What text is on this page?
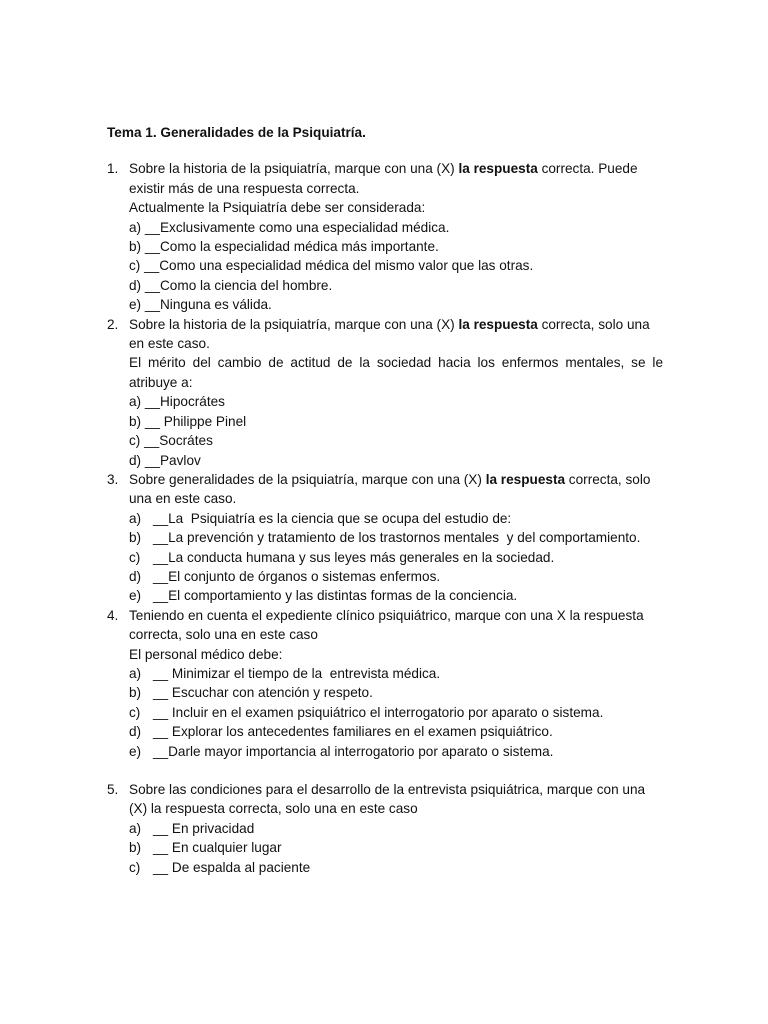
Tema 1. Generalidades de la Psiquiatría.
1. Sobre la historia de la psiquiatría, marque con una (X) la respuesta correcta. Puede existir más de una respuesta correcta.
Actualmente la Psiquiatría debe ser considerada:
a) __Exclusivamente como una especialidad médica.
b) __Como la especialidad médica más importante.
c) __Como una especialidad médica del mismo valor que las otras.
d) __Como la ciencia del hombre.
e) __Ninguna es válida.
2. Sobre la historia de la psiquiatría, marque con una (X) la respuesta correcta, solo una en este caso.
El mérito del cambio de actitud de la sociedad hacia los enfermos mentales, se le atribuye a:
a) __Hipocrátes
b) __ Philippe Pinel
c) __Socrátes
d) __Pavlov
3. Sobre generalidades de la psiquiatría, marque con una (X) la respuesta correcta, solo una en este caso.
a) __La  Psiquiatría es la ciencia que se ocupa del estudio de:
b) __La prevención y tratamiento de los trastornos mentales  y del comportamiento.
c) __La conducta humana y sus leyes más generales en la sociedad.
d) __El conjunto de órganos o sistemas enfermos.
e) __El comportamiento y las distintas formas de la conciencia.
4. Teniendo en cuenta el expediente clínico psiquiátrico, marque con una X la respuesta correcta, solo una en este caso
El personal médico debe:
a) __ Minimizar el tiempo de la  entrevista médica.
b) __ Escuchar con atención y respeto.
c) __ Incluir en el examen psiquiátrico el interrogatorio por aparato o sistema.
d) __ Explorar los antecedentes familiares en el examen psiquiátrico.
e) __Darle mayor importancia al interrogatorio por aparato o sistema.
5. Sobre las condiciones para el desarrollo de la entrevista psiquiátrica, marque con una (X) la respuesta correcta, solo una en este caso
a) __ En privacidad
b) __ En cualquier lugar
c) __ De espalda al paciente
